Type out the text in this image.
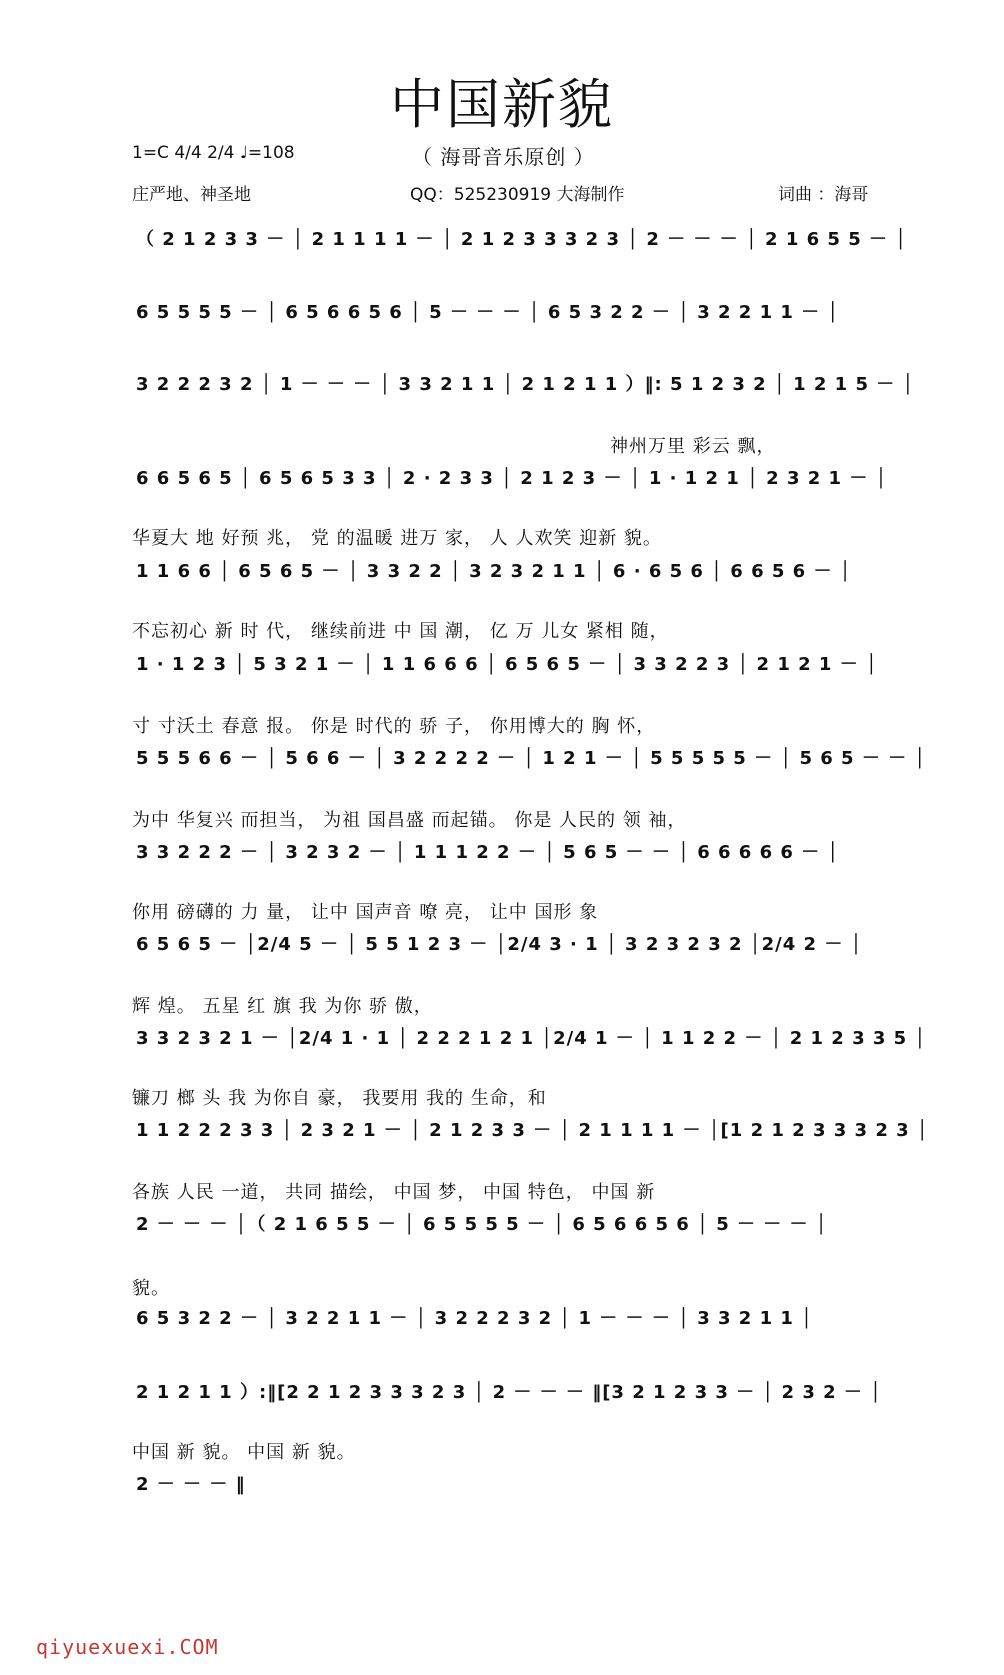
中国新貌
1=C 4/4 2/4 ♩=108	（ 海哥音乐原创 ）
庄严地、神圣地	QQ：525230919 大海制作	词曲 ：海哥
（ 2 1 2 3 3 － │ 2 1 1 1 1 － │ 2 1 2 3 3 3 2 3 │ 2 － － － │ 2 1 6 5 5 － │
6 5 5 5 5 － │ 6 5 6 6 5 6 │ 5 － － － │ 6 5 3 2 2 － │ 3 2 2 1 1 － │
3 2 2 2 3 2 │ 1 － － － │ 3 3 2 1 1 │ 2 1 2 1 1 ）‖: 5 1 2 3 2 │ 1 2 1 5 － │
神州万里 彩云 飘，
6 6 5 6 5 │ 6 5 6 5 3 3 │ 2 · 2 3 3 │ 2 1 2 3 － │ 1 · 1 2 1 │ 2 3 2 1 － │
华夏大 地 好预 兆， 党 的温暖 进万 家， 人 人欢笑 迎新 貌。
1 1 6 6 │ 6 5 6 5 － │ 3 3 2 2 │ 3 2 3 2 1 1 │ 6 · 6 5 6 │ 6 6 5 6 － │
不忘初心 新 时 代， 继续前进 中 国 潮， 亿 万 儿女 紧相 随，
1 · 1 2 3 │ 5 3 2 1 － │ 1 1 6 6 6 │ 6 5 6 5 － │ 3 3 2 2 3 │ 2 1 2 1 － │
寸 寸沃土 春意 报。 你是 时代的 骄 子， 你用博大的 胸 怀，
5 5 5 6 6 － │ 5 6 6 － │ 3 2 2 2 2 － │ 1 2 1 － │ 5 5 5 5 5 － │ 5 6 5 － － │
为中 华复兴 而担当， 为祖 国昌盛 而起锚。 你是 人民的 领 袖，
3 3 2 2 2 － │ 3 2 3 2 － │ 1 1 1 2 2 － │ 5 6 5 － － │ 6 6 6 6 6 － │
你用 磅礴的 力 量， 让中 国声音 嘹 亮， 让中 国形 象
6 5 6 5 － │2/4 5 － │ 5 5 1 2 3 － │2/4 3 · 1 │ 3 2 3 2 3 2 │2/4 2 － │
辉 煌。 五星 红 旗 我 为你 骄 傲，
3 3 2 3 2 1 － │2/4 1 · 1 │ 2 2 2 1 2 1 │2/4 1 － │ 1 1 2 2 － │ 2 1 2 3 3 5 │
镰刀 榔 头 我 为你自 豪， 我要用 我的 生命，和
1 1 2 2 2 3 3 │ 2 3 2 1 － │ 2 1 2 3 3 － │ 2 1 1 1 1 － │[1 2 1 2 3 3 3 2 3 │
各族 人民 一道， 共同 描绘， 中国 梦， 中国 特色， 中国 新
2 － － － │（ 2 1 6 5 5 － │ 6 5 5 5 5 － │ 6 5 6 6 5 6 │ 5 － － － │
貌。
6 5 3 2 2 － │ 3 2 2 1 1 － │ 3 2 2 2 3 2 │ 1 － － － │ 3 3 2 1 1 │
2 1 2 1 1 ）:‖[2 2 1 2 3 3 3 2 3 │ 2 － － － ‖[3 2 1 2 3 3 － │ 2 3 2 － │
中国 新 貌。 中国 新 貌。
2 － － － ‖
qiyuexuexi.COM
